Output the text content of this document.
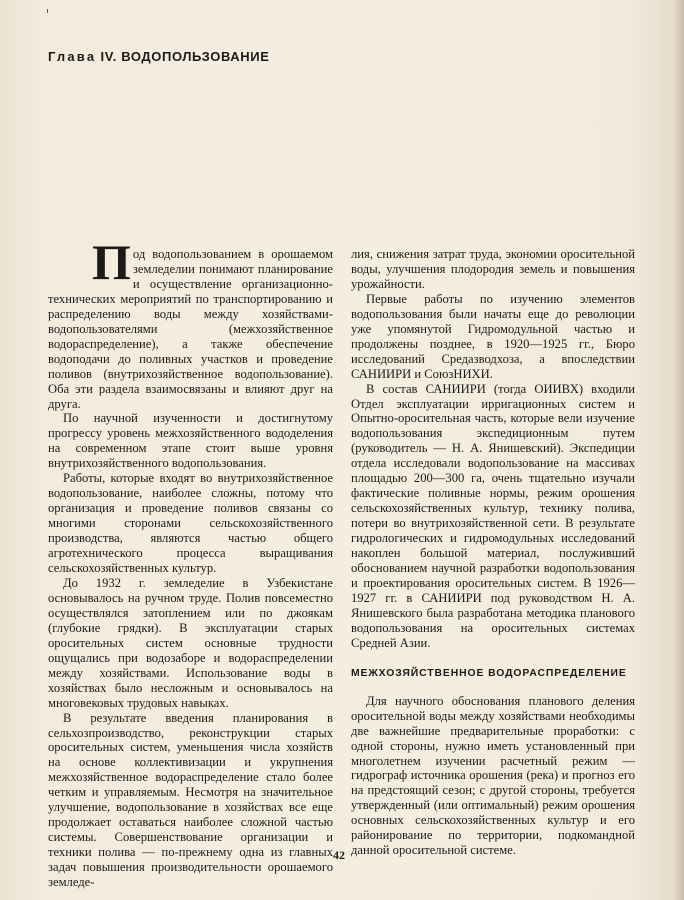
Глава IV. ВОДОПОЛЬЗОВАНИЕ

Под водопользованием в орошаемом земледелии понимают планирование и осуществление организационно-технических мероприятий по транспортированию и распределению воды между хозяйствами-водопользователями (межхозяйственное водораспределение), а также обеспечение водоподачи до поливных участков и проведение поливов (внутрихозяйственное водопользование). Оба эти раздела взаимосвязаны и влияют друг на друга.

По научной изученности и достигнутому прогрессу уровень межхозяйственного вододеления на современном этапе стоит выше уровня внутрихозяйственного водопользования.

Работы, которые входят во внутрихозяйственное водопользование, наиболее сложны, потому что организация и проведение поливов связаны со многими сторонами сельскохозяйственного производства, являются частью общего агротехнического процесса выращивания сельскохозяйственных культур.

До 1932 г. земледелие в Узбекистане основывалось на ручном труде. Полив повсеместно осуществлялся затоплением или по джоякам (глубокие грядки). В эксплуатации старых оросительных систем основные трудности ощущались при водозаборе и водораспределении между хозяйствами. Использование воды в хозяйствах было несложным и основывалось на многовековых трудовых навыках.

В результате введения планирования в сельхозпроизводство, реконструкции старых оросительных систем, уменьшения числа хозяйств на основе коллективизации и укрупнения межхозяйственное водораспределение стало более четким и управляемым. Несмотря на значительное улучшение, водопользование в хозяйствах все еще продолжает оставаться наиболее сложной частью системы. Совершенствование организации и техники полива — по-прежнему одна из главных задач повышения производительности орошаемого земледе-

лия, снижения затрат труда, экономии оросительной воды, улучшения плодородия земель и повышения урожайности.

Первые работы по изучению элементов водопользования были начаты еще до революции уже упомянутой Гидромодульной частью и продолжены позднее, в 1920—1925 гг., Бюро исследований Средазводхоза, а впоследствии САНИИРИ и СоюзНИХИ.

В состав САНИИРИ (тогда ОИИВХ) входили Отдел эксплуатации ирригационных систем и Опытно-оросительная часть, которые вели изучение водопользования экспедиционным путем (руководитель — Н. А. Янишевский). Экспедиции отдела исследовали водопользование на массивах площадью 200—300 га, очень тщательно изучали фактические поливные нормы, режим орошения сельскохозяйственных культур, технику полива, потери во внутрихозяйственной сети. В результате гидрологических и гидромодульных исследований накоплен большой материал, послуживший обоснованием научной разработки водопользования и проектирования оросительных систем. В 1926—1927 гг. в САНИИРИ под руководством Н. А. Янишевского была разработана методика планового водопользования на оросительных системах Средней Азии.

МЕЖХОЗЯЙСТВЕННОЕ ВОДОРАСПРЕДЕЛЕНИЕ

Для научного обоснования планового деления оросительной воды между хозяйствами необходимы две важнейшие предварительные проработки: с одной стороны, нужно иметь установленный при многолетнем изучении расчетный режим — гидрограф источника орошения (река) и прогноз его на предстоящий сезон; с другой стороны, требуется утвержденный (или оптимальный) режим орошения основных сельскохозяйственных культур и его районирование по территории, подкомандной данной оросительной системе.

42
